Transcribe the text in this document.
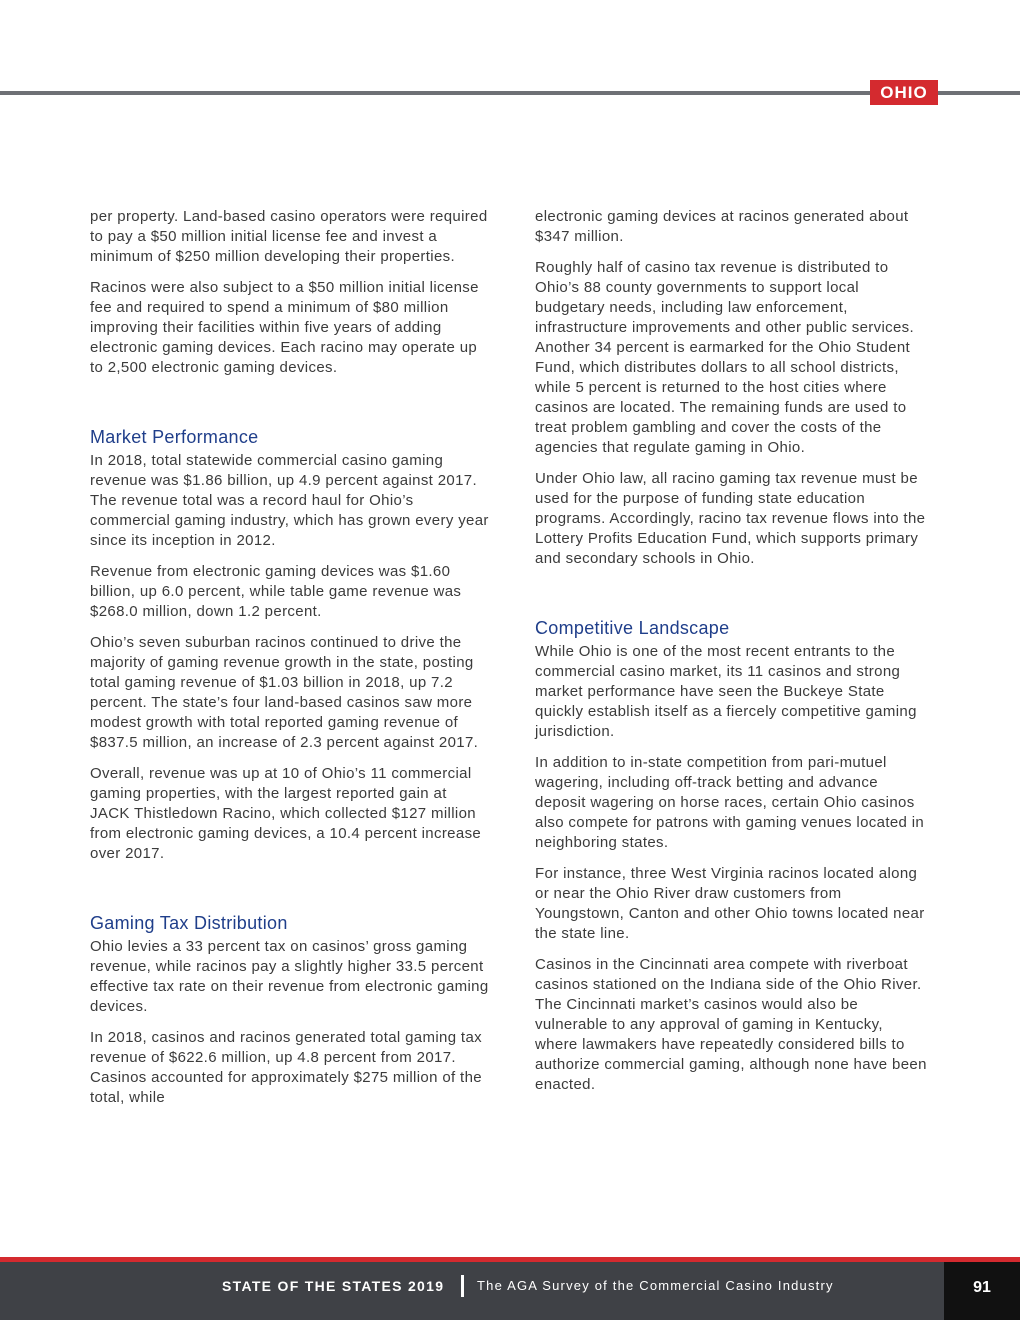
OHIO

per property. Land-based casino operators were required to pay a $50 million initial license fee and invest a minimum of $250 million developing their properties.

Racinos were also subject to a $50 million initial license fee and required to spend a minimum of $80 million improving their facilities within five years of adding electronic gaming devices. Each racino may operate up to 2,500 electronic gaming devices.

Market Performance

In 2018, total statewide commercial casino gaming revenue was $1.86 billion, up 4.9 percent against 2017. The revenue total was a record haul for Ohio’s commercial gaming industry, which has grown every year since its inception in 2012.

Revenue from electronic gaming devices was $1.60 billion, up 6.0 percent, while table game revenue was $268.0 million, down 1.2 percent.

Ohio’s seven suburban racinos continued to drive the majority of gaming revenue growth in the state, posting total gaming revenue of $1.03 billion in 2018, up 7.2 percent. The state’s four land-based casinos saw more modest growth with total reported gaming revenue of $837.5 million, an increase of 2.3 percent against 2017.

Overall, revenue was up at 10 of Ohio’s 11 commercial gaming properties, with the largest reported gain at JACK Thistledown Racino, which collected $127 million from electronic gaming devices, a 10.4 percent increase over 2017.

Gaming Tax Distribution

Ohio levies a 33 percent tax on casinos’ gross gaming revenue, while racinos pay a slightly higher 33.5 percent effective tax rate on their revenue from electronic gaming devices.

In 2018, casinos and racinos generated total gaming tax revenue of $622.6 million, up 4.8 percent from 2017. Casinos accounted for approximately $275 million of the total, while

electronic gaming devices at racinos generated about $347 million.

Roughly half of casino tax revenue is distributed to Ohio’s 88 county governments to support local budgetary needs, including law enforcement, infrastructure improvements and other public services. Another 34 percent is earmarked for the Ohio Student Fund, which distributes dollars to all school districts, while 5 percent is returned to the host cities where casinos are located. The remaining funds are used to treat problem gambling and cover the costs of the agencies that regulate gaming in Ohio.

Under Ohio law, all racino gaming tax revenue must be used for the purpose of funding state education programs. Accordingly, racino tax revenue flows into the Lottery Profits Education Fund, which supports primary and secondary schools in Ohio.

Competitive Landscape

While Ohio is one of the most recent entrants to the commercial casino market, its 11 casinos and strong market performance have seen the Buckeye State quickly establish itself as a fiercely competitive gaming jurisdiction.

In addition to in-state competition from pari-mutuel wagering, including off-track betting and advance deposit wagering on horse races, certain Ohio casinos also compete for patrons with gaming venues located in neighboring states.

For instance, three West Virginia racinos located along or near the Ohio River draw customers from Youngstown, Canton and other Ohio towns located near the state line.

Casinos in the Cincinnati area compete with riverboat casinos stationed on the Indiana side of the Ohio River. The Cincinnati market’s casinos would also be vulnerable to any approval of gaming in Kentucky, where lawmakers have repeatedly considered bills to authorize commercial gaming, although none have been enacted.

STATE OF THE STATES 2019	The AGA Survey of the Commercial Casino Industry	91
